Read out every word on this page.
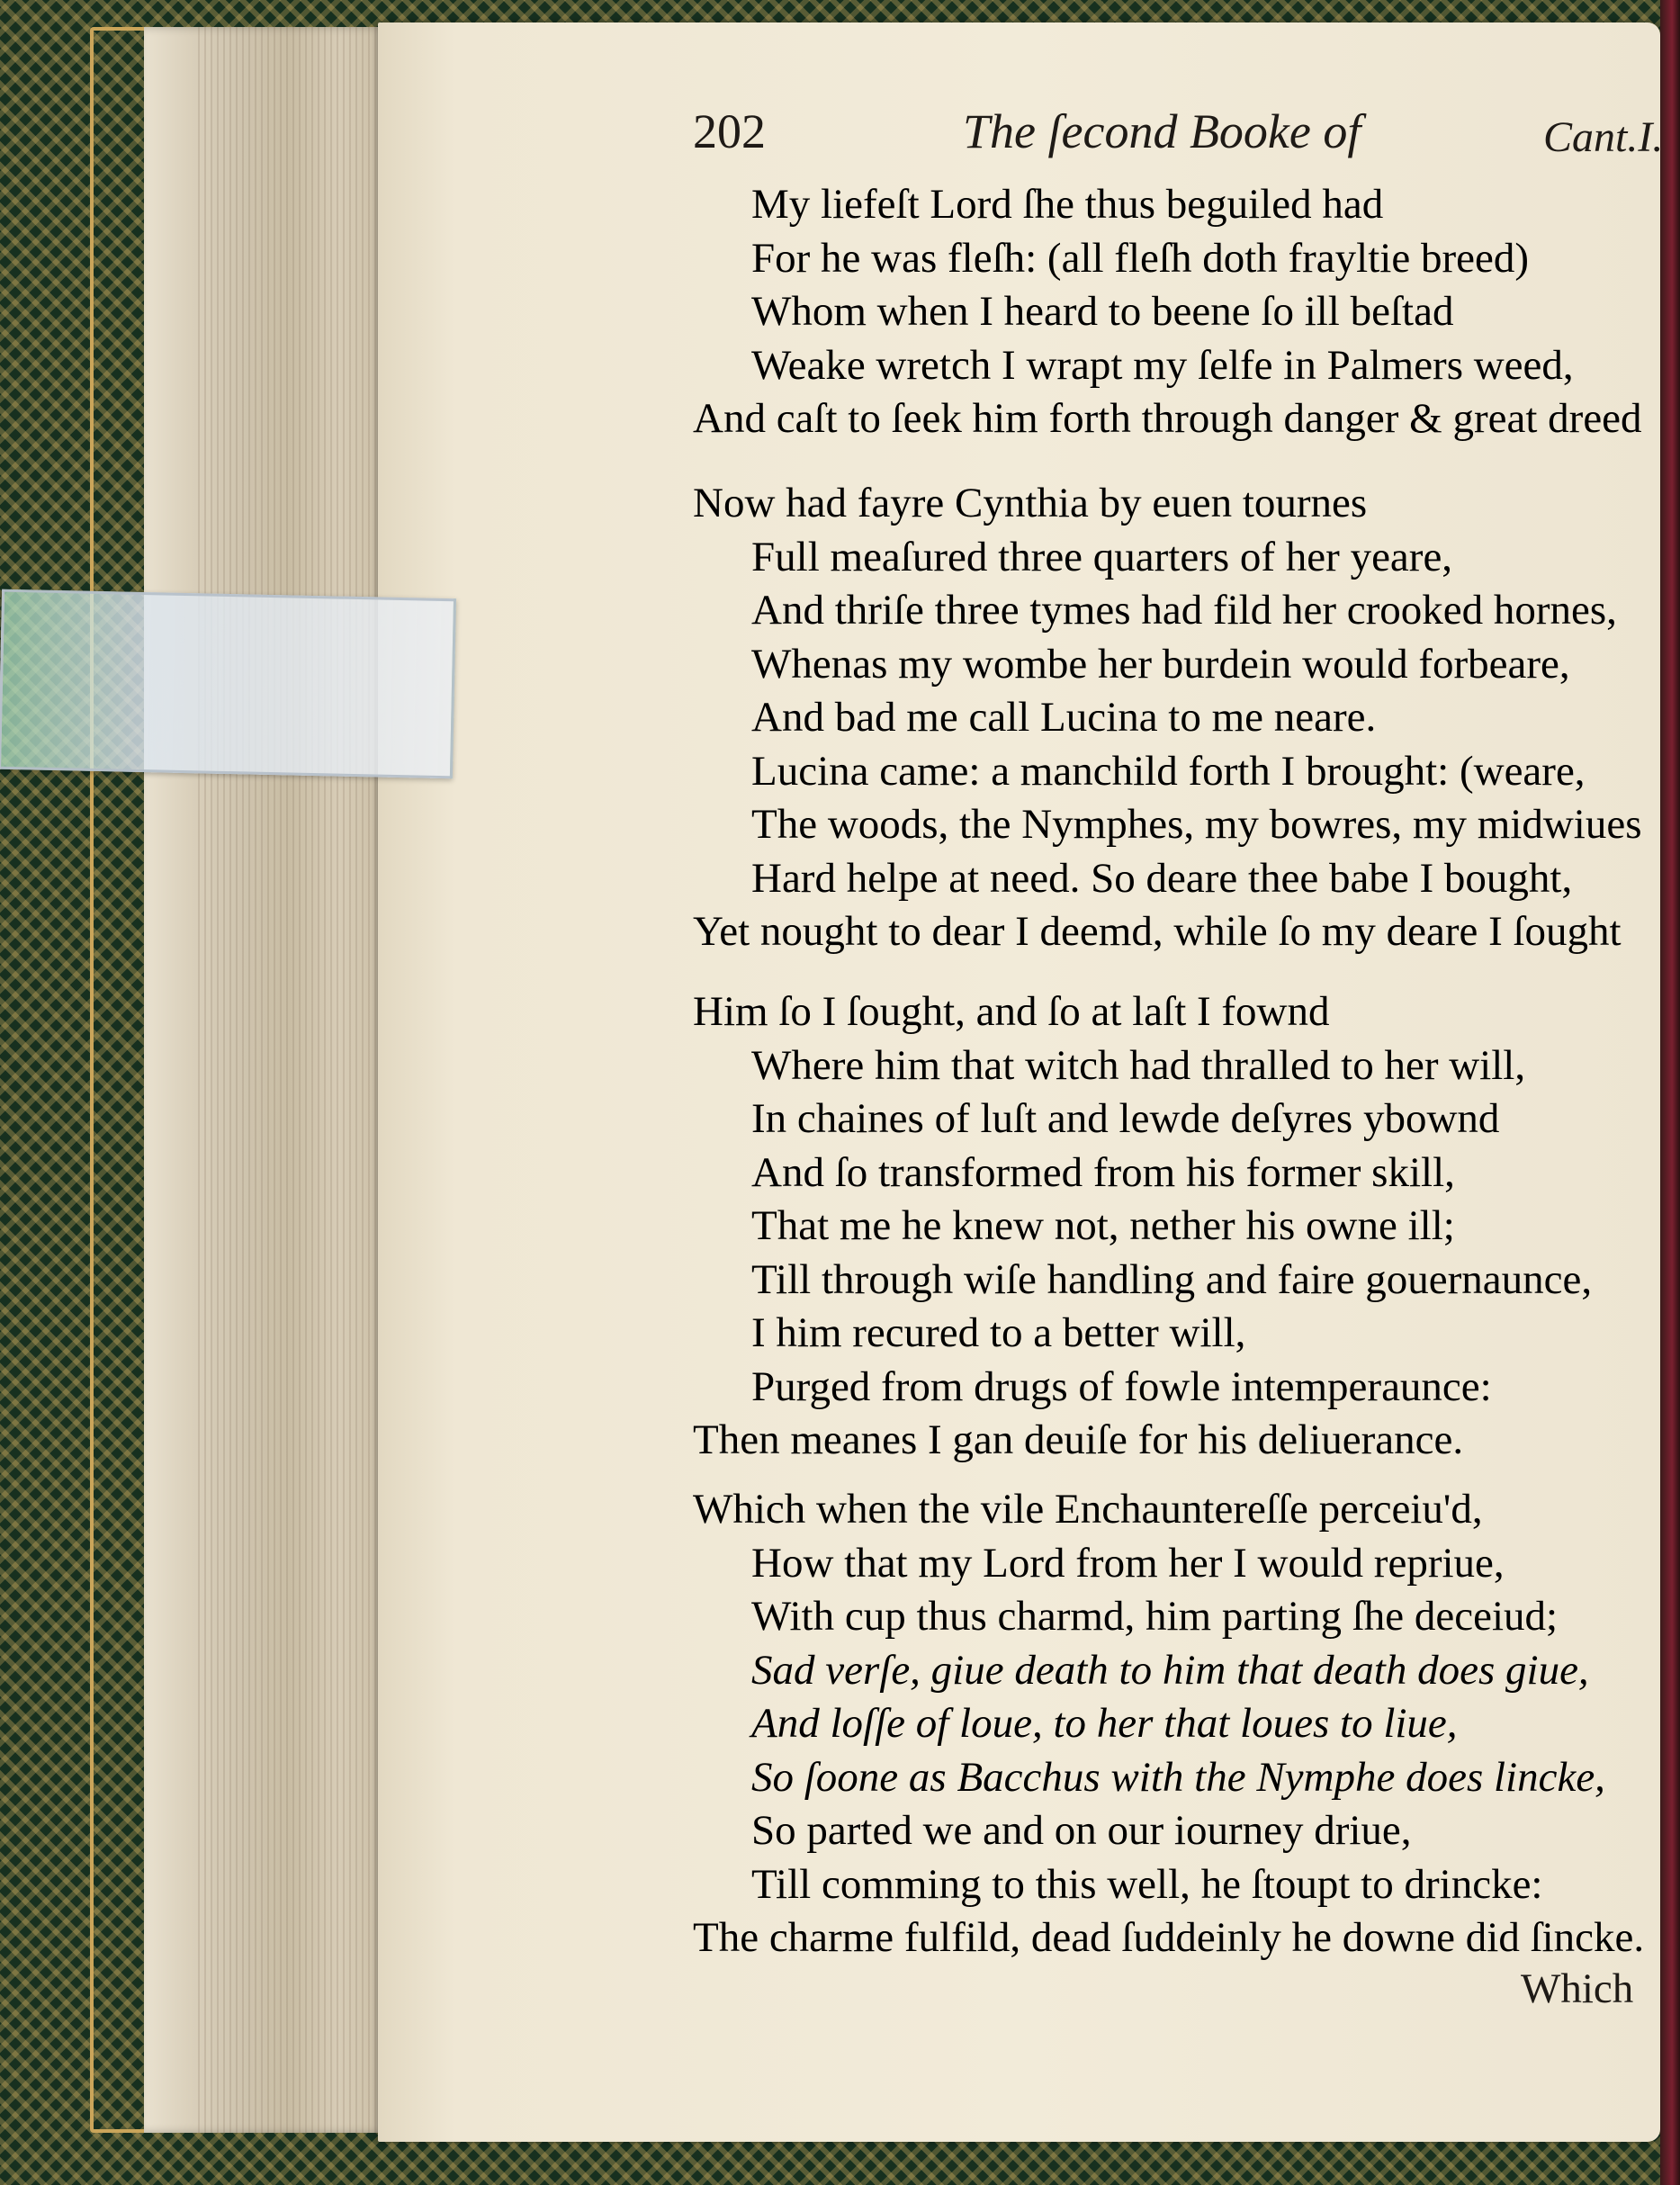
202	The ſecond Booke of	Cant.I.
My liefeſt Lord ſhe thus beguiled had
For he was fleſh: (all fleſh doth frayltie breed)
Whom when I heard to beene ſo ill beſtad
Weake wretch I wrapt my ſelfe in Palmers weed,
And caſt to ſeek him forth through danger & great dreed
Now had fayre Cynthia by euen tournes
Full meaſured three quarters of her yeare,
And thriſe three tymes had fild her crooked hornes,
Whenas my wombe her burdein would forbeare,
And bad me call Lucina to me neare.
Lucina came: a manchild forth I brought: (weare,
The woods, the Nymphes, my bowres, my midwiues
Hard helpe at need. So deare thee babe I bought,
Yet nought to dear I deemd, while ſo my deare I ſought
Him ſo I ſought, and ſo at laſt I fownd
Where him that witch had thralled to her will,
In chaines of luſt and lewde deſyres ybownd
And ſo transformed from his former skill,
That me he knew not, nether his owne ill;
Till through wiſe handling and faire gouernaunce,
I him recured to a better will,
Purged from drugs of fowle intemperaunce:
Then meanes I gan deuiſe for his deliuerance.
Which when the vile Enchauntereſſe perceiu'd,
How that my Lord from her I would repriue,
With cup thus charmd, him parting ſhe deceiud;
Sad verſe, giue death to him that death does giue,
And loſſe of loue, to her that loues to liue,
So ſoone as Bacchus with the Nymphe does lincke,
So parted we and on our iourney driue,
Till comming to this well, he ſtoupt to drincke:
The charme fulfild, dead ſuddeinly he downe did ſincke.
Which
